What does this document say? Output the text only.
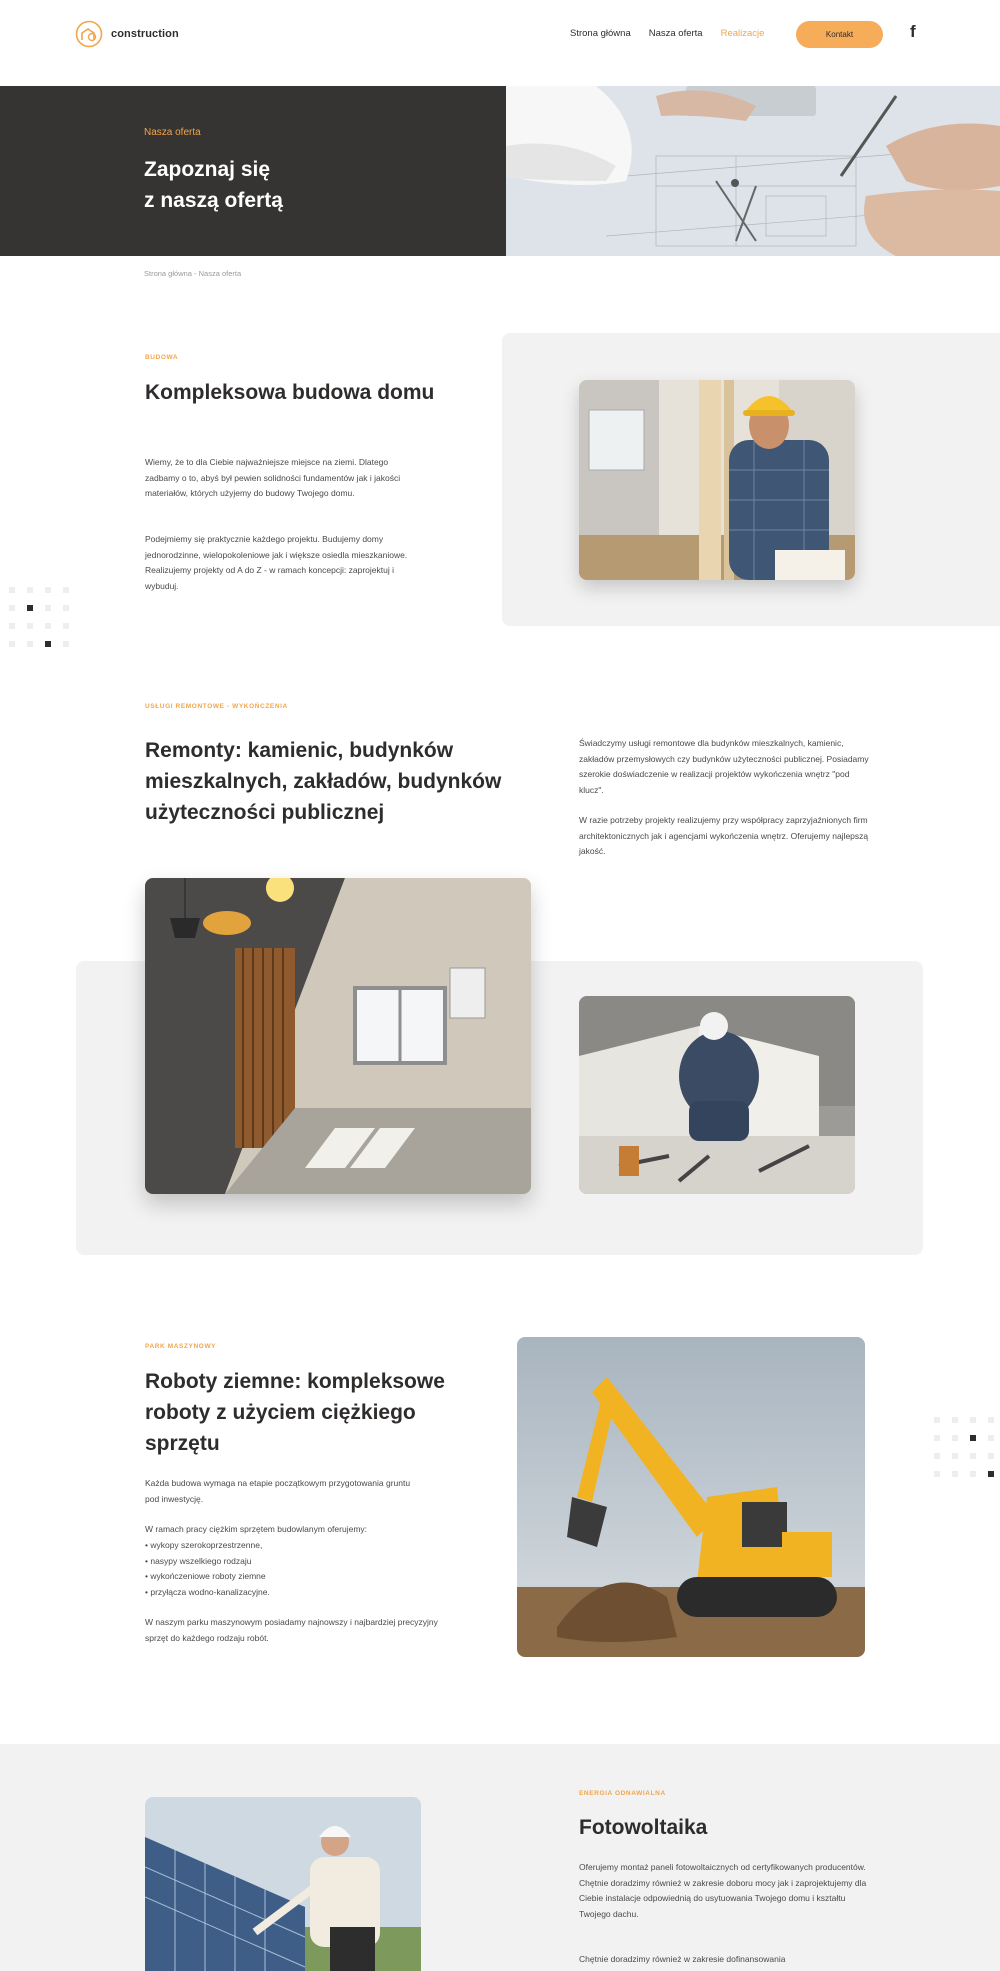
construction	Strona główna Nasza oferta Realizacje	Kontakt	f
Nasza oferta
Zapoznaj się
z naszą ofertą
Strona główna - Nasza oferta
BUDOWA
Kompleksowa budowa domu

Wiemy, że to dla Ciebie najważniejsze miejsce na ziemi. Dlatego zadbamy o to, abyś był pewien solidności fundamentów jak i jakości materiałów, których użyjemy do budowy Twojego domu.

Podejmiemy się praktycznie każdego projektu. Budujemy domy jednorodzinne, wielopokoleniowe jak i większe osiedla mieszkaniowe. Realizujemy projekty od A do Z - w ramach koncepcji: zaprojektuj i wybuduj.

USŁUGI REMONTOWE - WYKOŃCZENIA
Remonty: kamienic, budynków mieszkalnych, zakładów, budynków użyteczności publicznej

Świadczymy usługi remontowe dla budynków mieszkalnych, kamienic, zakładów przemysłowych czy budynków użyteczności publicznej. Posiadamy szerokie doświadczenie w realizacji projektów wykończenia wnętrz "pod klucz".

W razie potrzeby projekty realizujemy przy współpracy zaprzyjaźnionych firm architektonicznych jak i agencjami wykończenia wnętrz. Oferujemy najlepszą jakość.

PARK MASZYNOWY
Roboty ziemne: kompleksowe roboty z użyciem ciężkiego sprzętu

Każda budowa wymaga na etapie początkowym przygotowania gruntu pod inwestycję.

W ramach pracy ciężkim sprzętem budowlanym oferujemy:

• wykopy szerokoprzestrzenne,
• nasypy wszelkiego rodzaju
• wykończeniowe roboty ziemne
• przyłącza wodno-kanalizacyjne.

W naszym parku maszynowym posiadamy najnowszy i najbardziej precyzyjny sprzęt do każdego rodzaju robót.

ENERGIA ODNAWIALNA
Fotowoltaika

Oferujemy montaż paneli fotowoltaicznych od certyfikowanych producentów. Chętnie doradzimy również w zakresie doboru mocy jak i zaprojektujemy dla Ciebie instalacje odpowiednią do usytuowania Twojego domu i kształtu Twojego dachu.

Chętnie doradzimy również w zakresie dofinansowania
